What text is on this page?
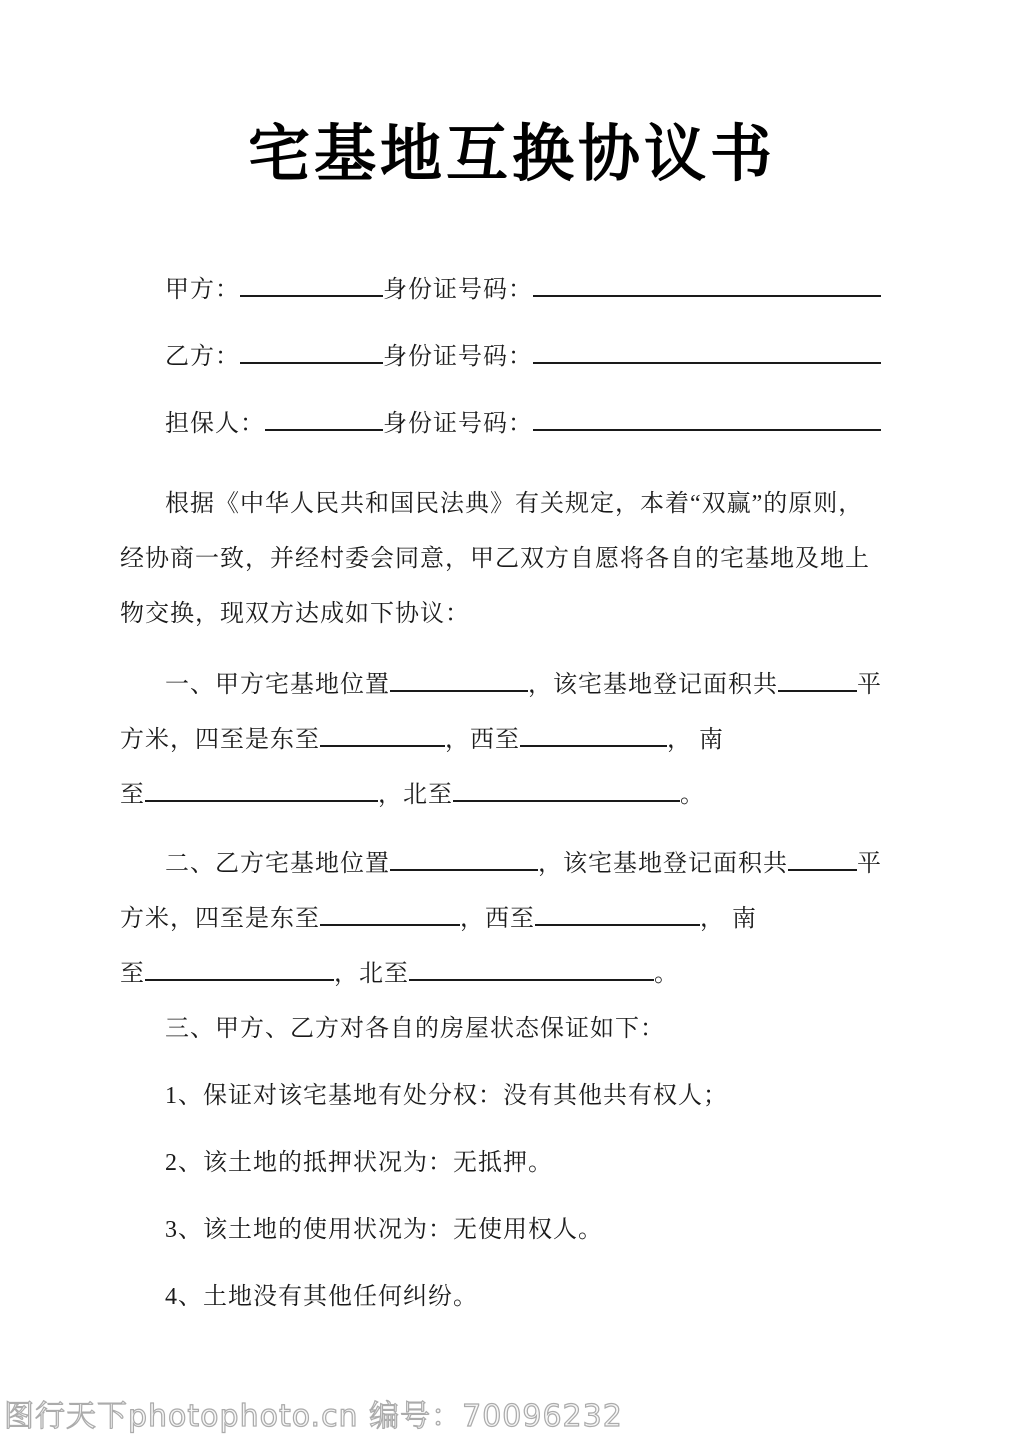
宅基地互换协议书
甲方：	身份证号码：
乙方：	身份证号码：
担保人：	身份证号码：
根据《中华人民共和国民法典》有关规定，本着“双赢”的原则，
经协商一致，并经村委会同意，甲乙双方自愿将各自的宅基地及地上
物交换，现双方达成如下协议：
一、甲方宅基地位置	，该宅基地登记面积共	平
方米，四至是东至	，西至	， 南
至	，北至	。
二、乙方宅基地位置	，该宅基地登记面积共	平
方米，四至是东至	，西至	， 南
至	，北至	。
三、甲方、乙方对各自的房屋状态保证如下：
1、保证对该宅基地有处分权：没有其他共有权人；
2、该土地的抵押状况为：无抵押。
3、该土地的使用状况为：无使用权人。
4、土地没有其他任何纠纷。
图行天下photophoto.cn 编号：70096232
